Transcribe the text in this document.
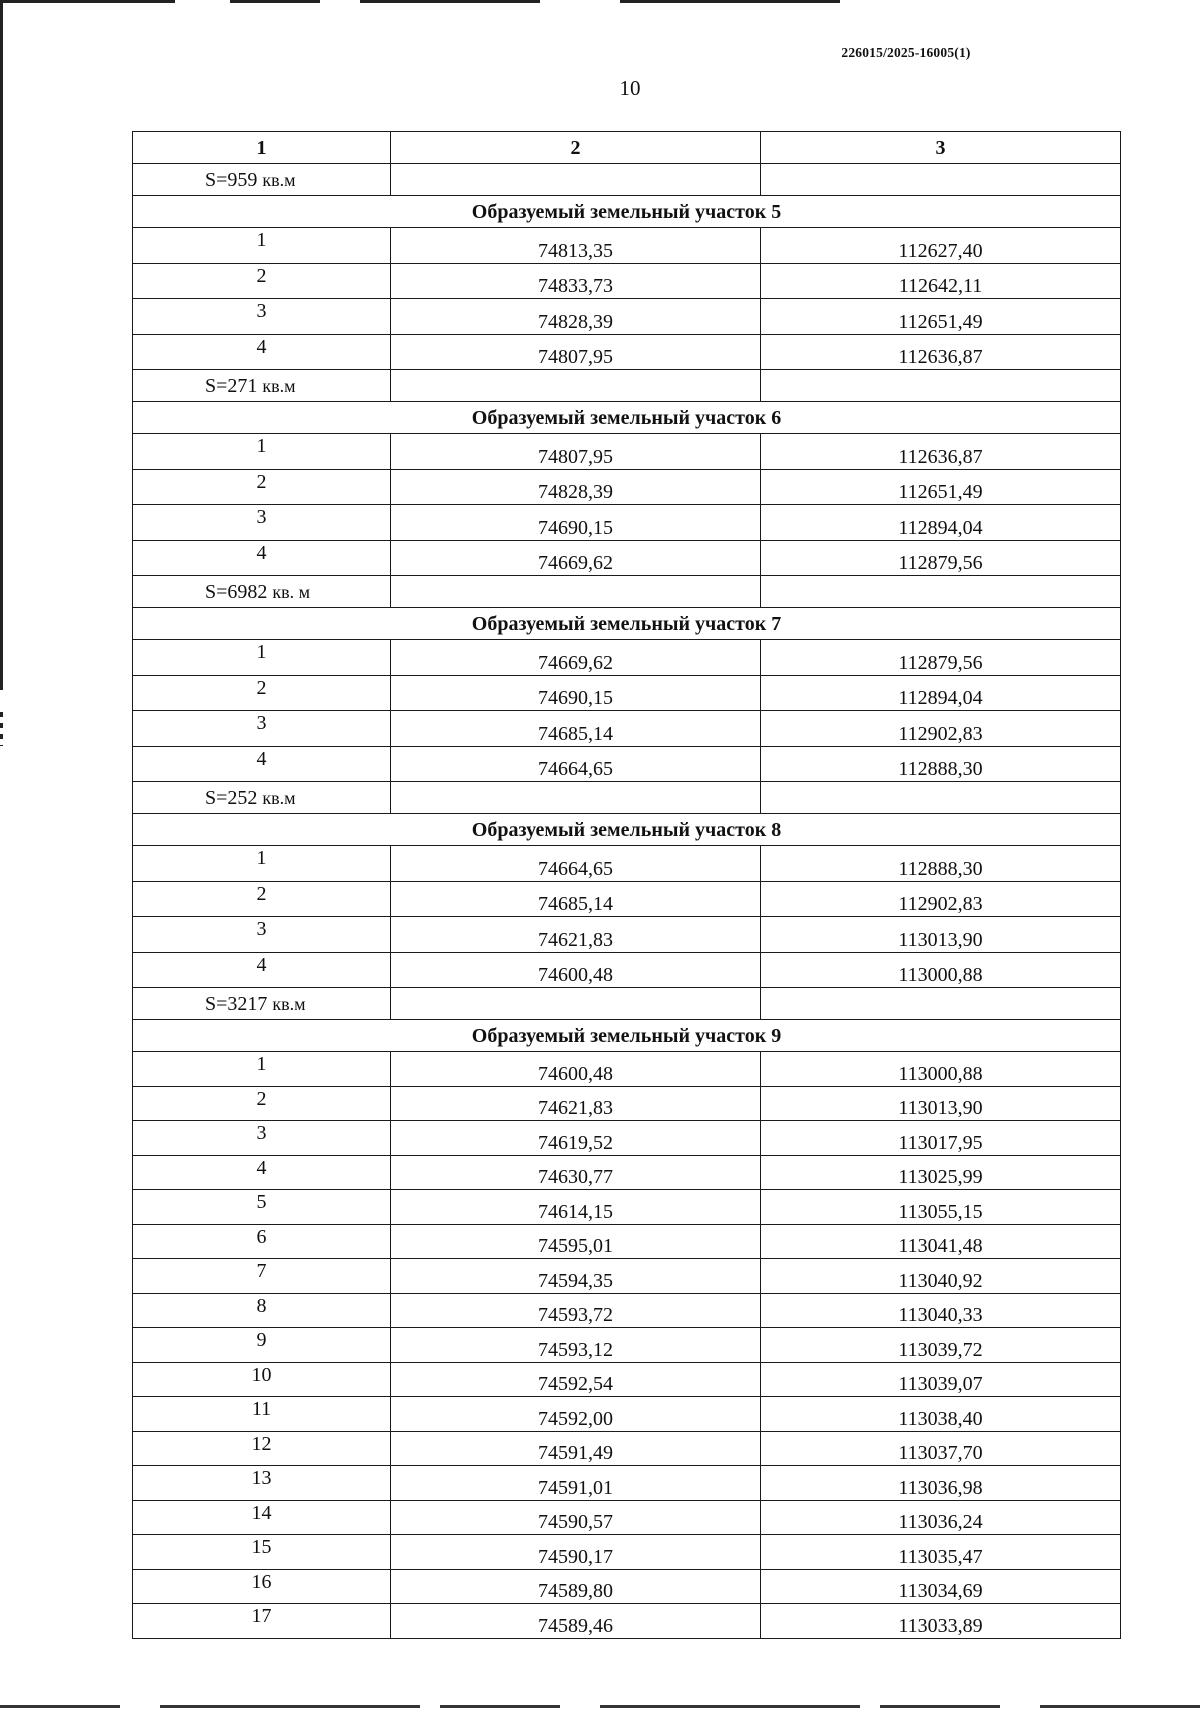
226015/2025-16005(1)
10
1	2	3
S=959 кв.м		
Образуемый земельный участок 5		
1	74813,35	112627,40
2	74833,73	112642,11
3	74828,39	112651,49
4	74807,95	112636,87
S=271 кв.м		
Образуемый земельный участок 6		
1	74807,95	112636,87
2	74828,39	112651,49
3	74690,15	112894,04
4	74669,62	112879,56
S=6982 кв. м		
Образуемый земельный участок 7		
1	74669,62	112879,56
2	74690,15	112894,04
3	74685,14	112902,83
4	74664,65	112888,30
S=252 кв.м		
Образуемый земельный участок 8		
1	74664,65	112888,30
2	74685,14	112902,83
3	74621,83	113013,90
4	74600,48	113000,88
S=3217 кв.м		
Образуемый земельный участок 9		
1	74600,48	113000,88
2	74621,83	113013,90
3	74619,52	113017,95
4	74630,77	113025,99
5	74614,15	113055,15
6	74595,01	113041,48
7	74594,35	113040,92
8	74593,72	113040,33
9	74593,12	113039,72
10	74592,54	113039,07
11	74592,00	113038,40
12	74591,49	113037,70
13	74591,01	113036,98
14	74590,57	113036,24
15	74590,17	113035,47
16	74589,80	113034,69
17	74589,46	113033,89
